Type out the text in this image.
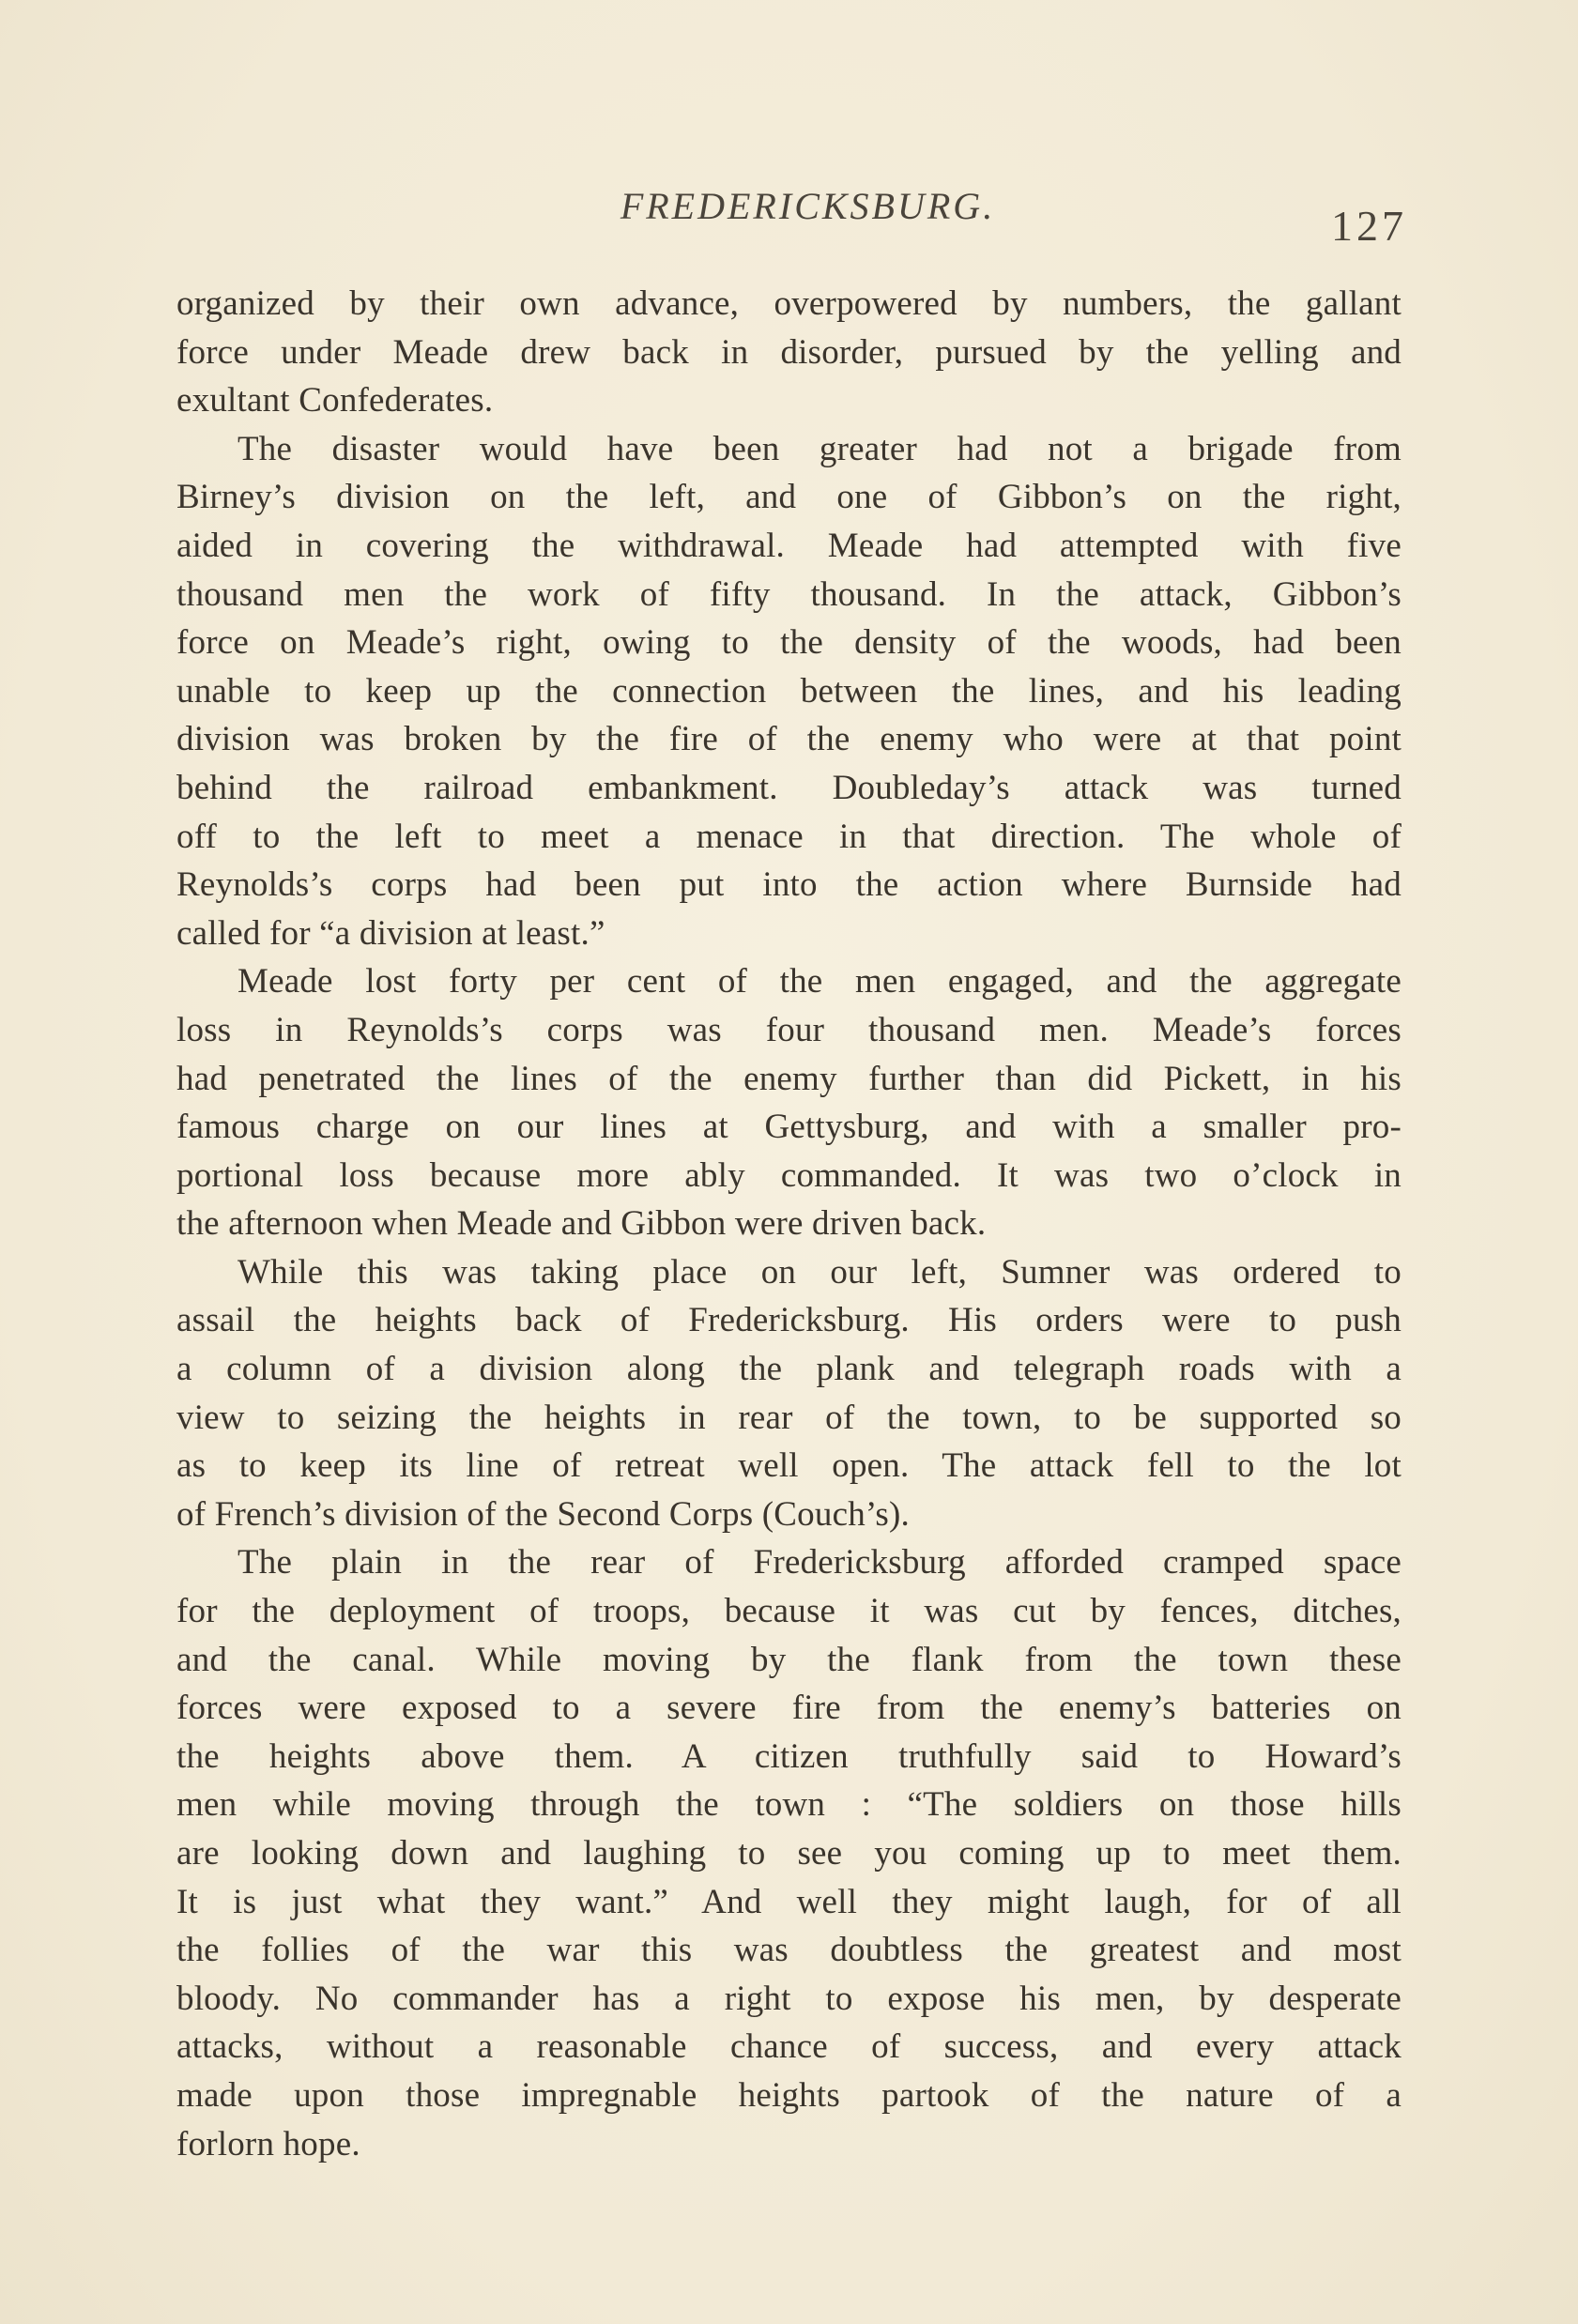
FREDERICKSBURG.	127
organized by their own advance, overpowered by numbers, the gallant
force under Meade drew back in disorder, pursued by the yelling and
exultant Confederates.
The disaster would have been greater had not a brigade from
Birney’s division on the left, and one of Gibbon’s on the right,
aided in covering the withdrawal. Meade had attempted with five
thousand men the work of fifty thousand. In the attack, Gibbon’s
force on Meade’s right, owing to the density of the woods, had been
unable to keep up the connection between the lines, and his leading
division was broken by the fire of the enemy who were at that point
behind the railroad embankment. Doubleday’s attack was turned
off to the left to meet a menace in that direction. The whole of
Reynolds’s corps had been put into the action where Burnside had
called for “a division at least.”
Meade lost forty per cent of the men engaged, and the aggregate
loss in Reynolds’s corps was four thousand men. Meade’s forces
had penetrated the lines of the enemy further than did Pickett, in his
famous charge on our lines at Gettysburg, and with a smaller pro-
portional loss because more ably commanded. It was two o’clock in
the afternoon when Meade and Gibbon were driven back.
While this was taking place on our left, Sumner was ordered to
assail the heights back of Fredericksburg. His orders were to push
a column of a division along the plank and telegraph roads with a
view to seizing the heights in rear of the town, to be supported so
as to keep its line of retreat well open. The attack fell to the lot
of French’s division of the Second Corps (Couch’s).
The plain in the rear of Fredericksburg afforded cramped space
for the deployment of troops, because it was cut by fences, ditches,
and the canal. While moving by the flank from the town these
forces were exposed to a severe fire from the enemy’s batteries on
the heights above them. A citizen truthfully said to Howard’s
men while moving through the town : “The soldiers on those hills
are looking down and laughing to see you coming up to meet them.
It is just what they want.” And well they might laugh, for of all
the follies of the war this was doubtless the greatest and most
bloody. No commander has a right to expose his men, by desperate
attacks, without a reasonable chance of success, and every attack
made upon those impregnable heights partook of the nature of a
forlorn hope.
